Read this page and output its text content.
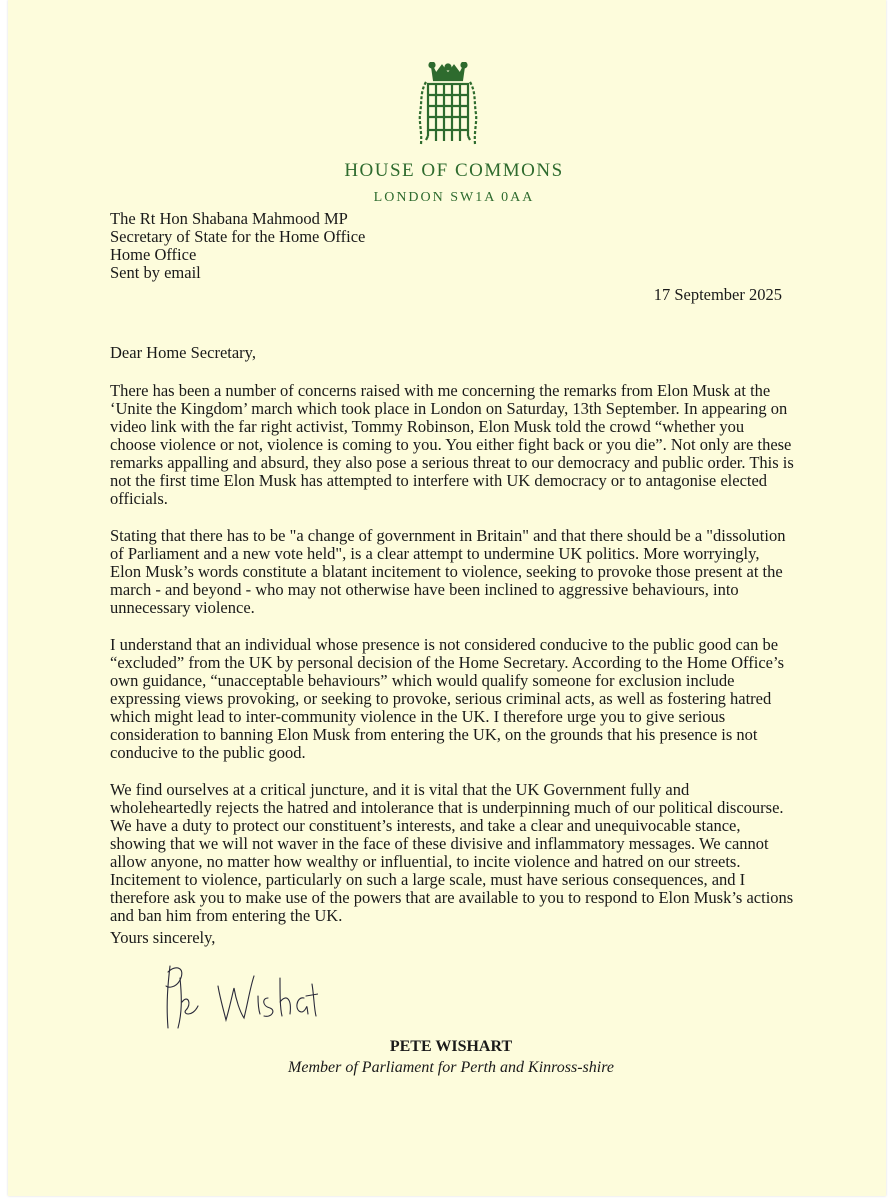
HOUSE OF COMMONS
LONDON SW1A 0AA
The Rt Hon Shabana Mahmood MP
Secretary of State for the Home Office
Home Office
Sent by email
17 September 2025
Dear Home Secretary,

There has been a number of concerns raised with me concerning the remarks from Elon Musk at the ‘Unite the Kingdom’ march which took place in London on Saturday, 13th September. In appearing on video link with the far right activist, Tommy Robinson, Elon Musk told the crowd “whether you choose violence or not, violence is coming to you. You either fight back or you die”. Not only are these remarks appalling and absurd, they also pose a serious threat to our democracy and public order. This is not the first time Elon Musk has attempted to interfere with UK democracy or to antagonise elected officials.

Stating that there has to be "a change of government in Britain" and that there should be a "dissolution of Parliament and a new vote held", is a clear attempt to undermine UK politics. More worryingly, Elon Musk’s words constitute a blatant incitement to violence, seeking to provoke those present at the march - and beyond - who may not otherwise have been inclined to aggressive behaviours, into unnecessary violence.

I understand that an individual whose presence is not considered conducive to the public good can be “excluded” from the UK by personal decision of the Home Secretary. According to the Home Office’s own guidance, “unacceptable behaviours” which would qualify someone for exclusion include expressing views provoking, or seeking to provoke, serious criminal acts, as well as fostering hatred which might lead to inter-community violence in the UK. I therefore urge you to give serious consideration to banning Elon Musk from entering the UK, on the grounds that his presence is not conducive to the public good.

We find ourselves at a critical juncture, and it is vital that the UK Government fully and wholeheartedly rejects the hatred and intolerance that is underpinning much of our political discourse. We have a duty to protect our constituent’s interests, and take a clear and unequivocable stance, showing that we will not waver in the face of these divisive and inflammatory messages. We cannot allow anyone, no matter how wealthy or influential, to incite violence and hatred on our streets. Incitement to violence, particularly on such a large scale, must have serious consequences, and I therefore ask you to make use of the powers that are available to you to respond to Elon Musk’s actions and ban him from entering the UK.

Yours sincerely,
PETE WISHART
Member of Parliament for Perth and Kinross-shire
